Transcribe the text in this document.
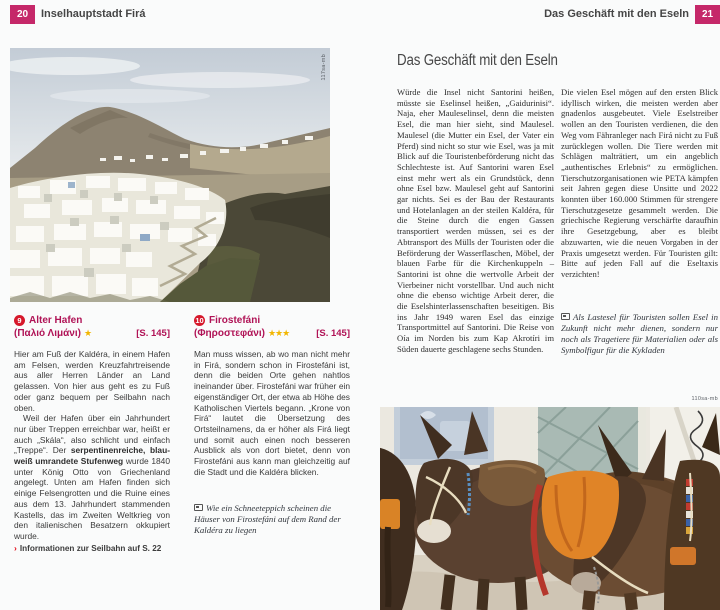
20	Inselhauptstadt Firá	Das Geschäft mit den Eseln	21
117sa-mb
9 Alter Hafen
(Παλιό Λιμάνι) ★	[S. 145]

Hier am Fuß der Kaldéra, in einem Hafen am Felsen, werden Kreuzfahrtreisende aus aller Herren Länder an Land gelassen. Von hier aus geht es zu Fuß oder ganz bequem per Seilbahn nach oben.

Weil der Hafen über ein Jahrhundert nur über Treppen erreichbar war, heißt er auch „Skála“, also schlicht und einfach „Treppe“. Der serpentinenreiche, blau-weiß umrandete Stufenweg wurde 1840 unter König Otto von Griechenland angelegt. Unten am Hafen finden sich einige Felsengrotten und die Ruine eines aus dem 13. Jahrhundert stammenden Kastells, das im Zweiten Weltkrieg von den italienischen Besatzern okkupiert wurde.

› Informationen zur Seilbahn auf S. 22
10 Firostefáni
(Φηροστεφάνι) ★★★	[S. 145]

Man muss wissen, ab wo man nicht mehr in Firá, sondern schon in Firostefáni ist, denn die beiden Orte gehen nahtlos ineinander über. Firostefáni war früher ein eigenständiger Ort, der etwa ab Höhe des Katholischen Viertels begann. „Krone von Firá“ lautet die Übersetzung des Ortsteilnamens, da er höher als Firá liegt und somit auch einen noch besseren Ausblick als von dort bietet, denn von Firostefáni aus kann man gleichzeitig auf die Stadt und die Kaldéra blicken.

Wie ein Schneeteppich scheinen die Häuser von Firostefáni auf dem Rand der Kaldéra zu liegen
Das Geschäft mit den Eseln
Würde die Insel nicht Santorini heißen, müsste sie Eselinsel heißen, „Gaidurinisi“. Naja, eher Mauleselinsel, denn die meisten Esel, die man hier sieht, sind Maulesel. Maulesel (die Mutter ein Esel, der Vater ein Pferd) sind nicht so stur wie Esel, was ja mit Blick auf die Touristenbeförderung nicht das Schlechteste ist. Auf Santorini waren Esel einst mehr wert als ein Grundstück, denn ohne Esel bzw. Maulesel geht auf Santorini gar nichts. Sei es der Bau der Restaurants und Hotelanlagen an der steilen Kaldéra, für die Steine durch die engen Gassen transportiert werden müssen, sei es der Abtransport des Mülls der Touristen oder die Beförderung der Wasserflaschen, Möbel, der blauen Farbe für die Kirchenkuppeln – Santorini ist ohne die wertvolle Arbeit der Vierbeiner nicht vorstellbar. Und auch nicht ohne die ebenso wichtige Arbeit derer, die die Eselshinterlassenschaften beseitigen. Bis ins Jahr 1949 waren Esel das einzige Transportmittel auf Santorini. Die Reise von Oía im Norden bis zum Kap Akrotíri im Süden dauerte geschlagene sechs Stunden.
Die vielen Esel mögen auf den ersten Blick idyllisch wirken, die meisten werden aber gnadenlos ausgebeutet. Viele Eselstreiber wollen an den Touristen verdienen, die den Weg vom Fähranleger nach Firá nicht zu Fuß zurücklegen wollen. Die Tiere werden mit Schlägen malträtiert, um ein angeblich „authentisches Erlebnis“ zu ermöglichen. Tierschutzorganisationen wie PETA kämpfen seit Jahren gegen diese Unsitte und 2022 konnten über 160.000 Stimmen für strengere Tierschutzgesetze gesammelt werden. Die griechische Regierung verschärfte daraufhin ihre Gesetzgebung, aber es bleibt abzuwarten, wie die neuen Vorgaben in der Praxis umgesetzt werden. Für Touristen gilt: Bitte auf jeden Fall auf die Eseltaxis verzichten!
Als Lastesel für Touristen sollen Esel in Zukunft nicht mehr dienen, sondern nur noch als Tragetiere für Materialien oder als Symbolfigur für die Kykladen
110sa-mb
